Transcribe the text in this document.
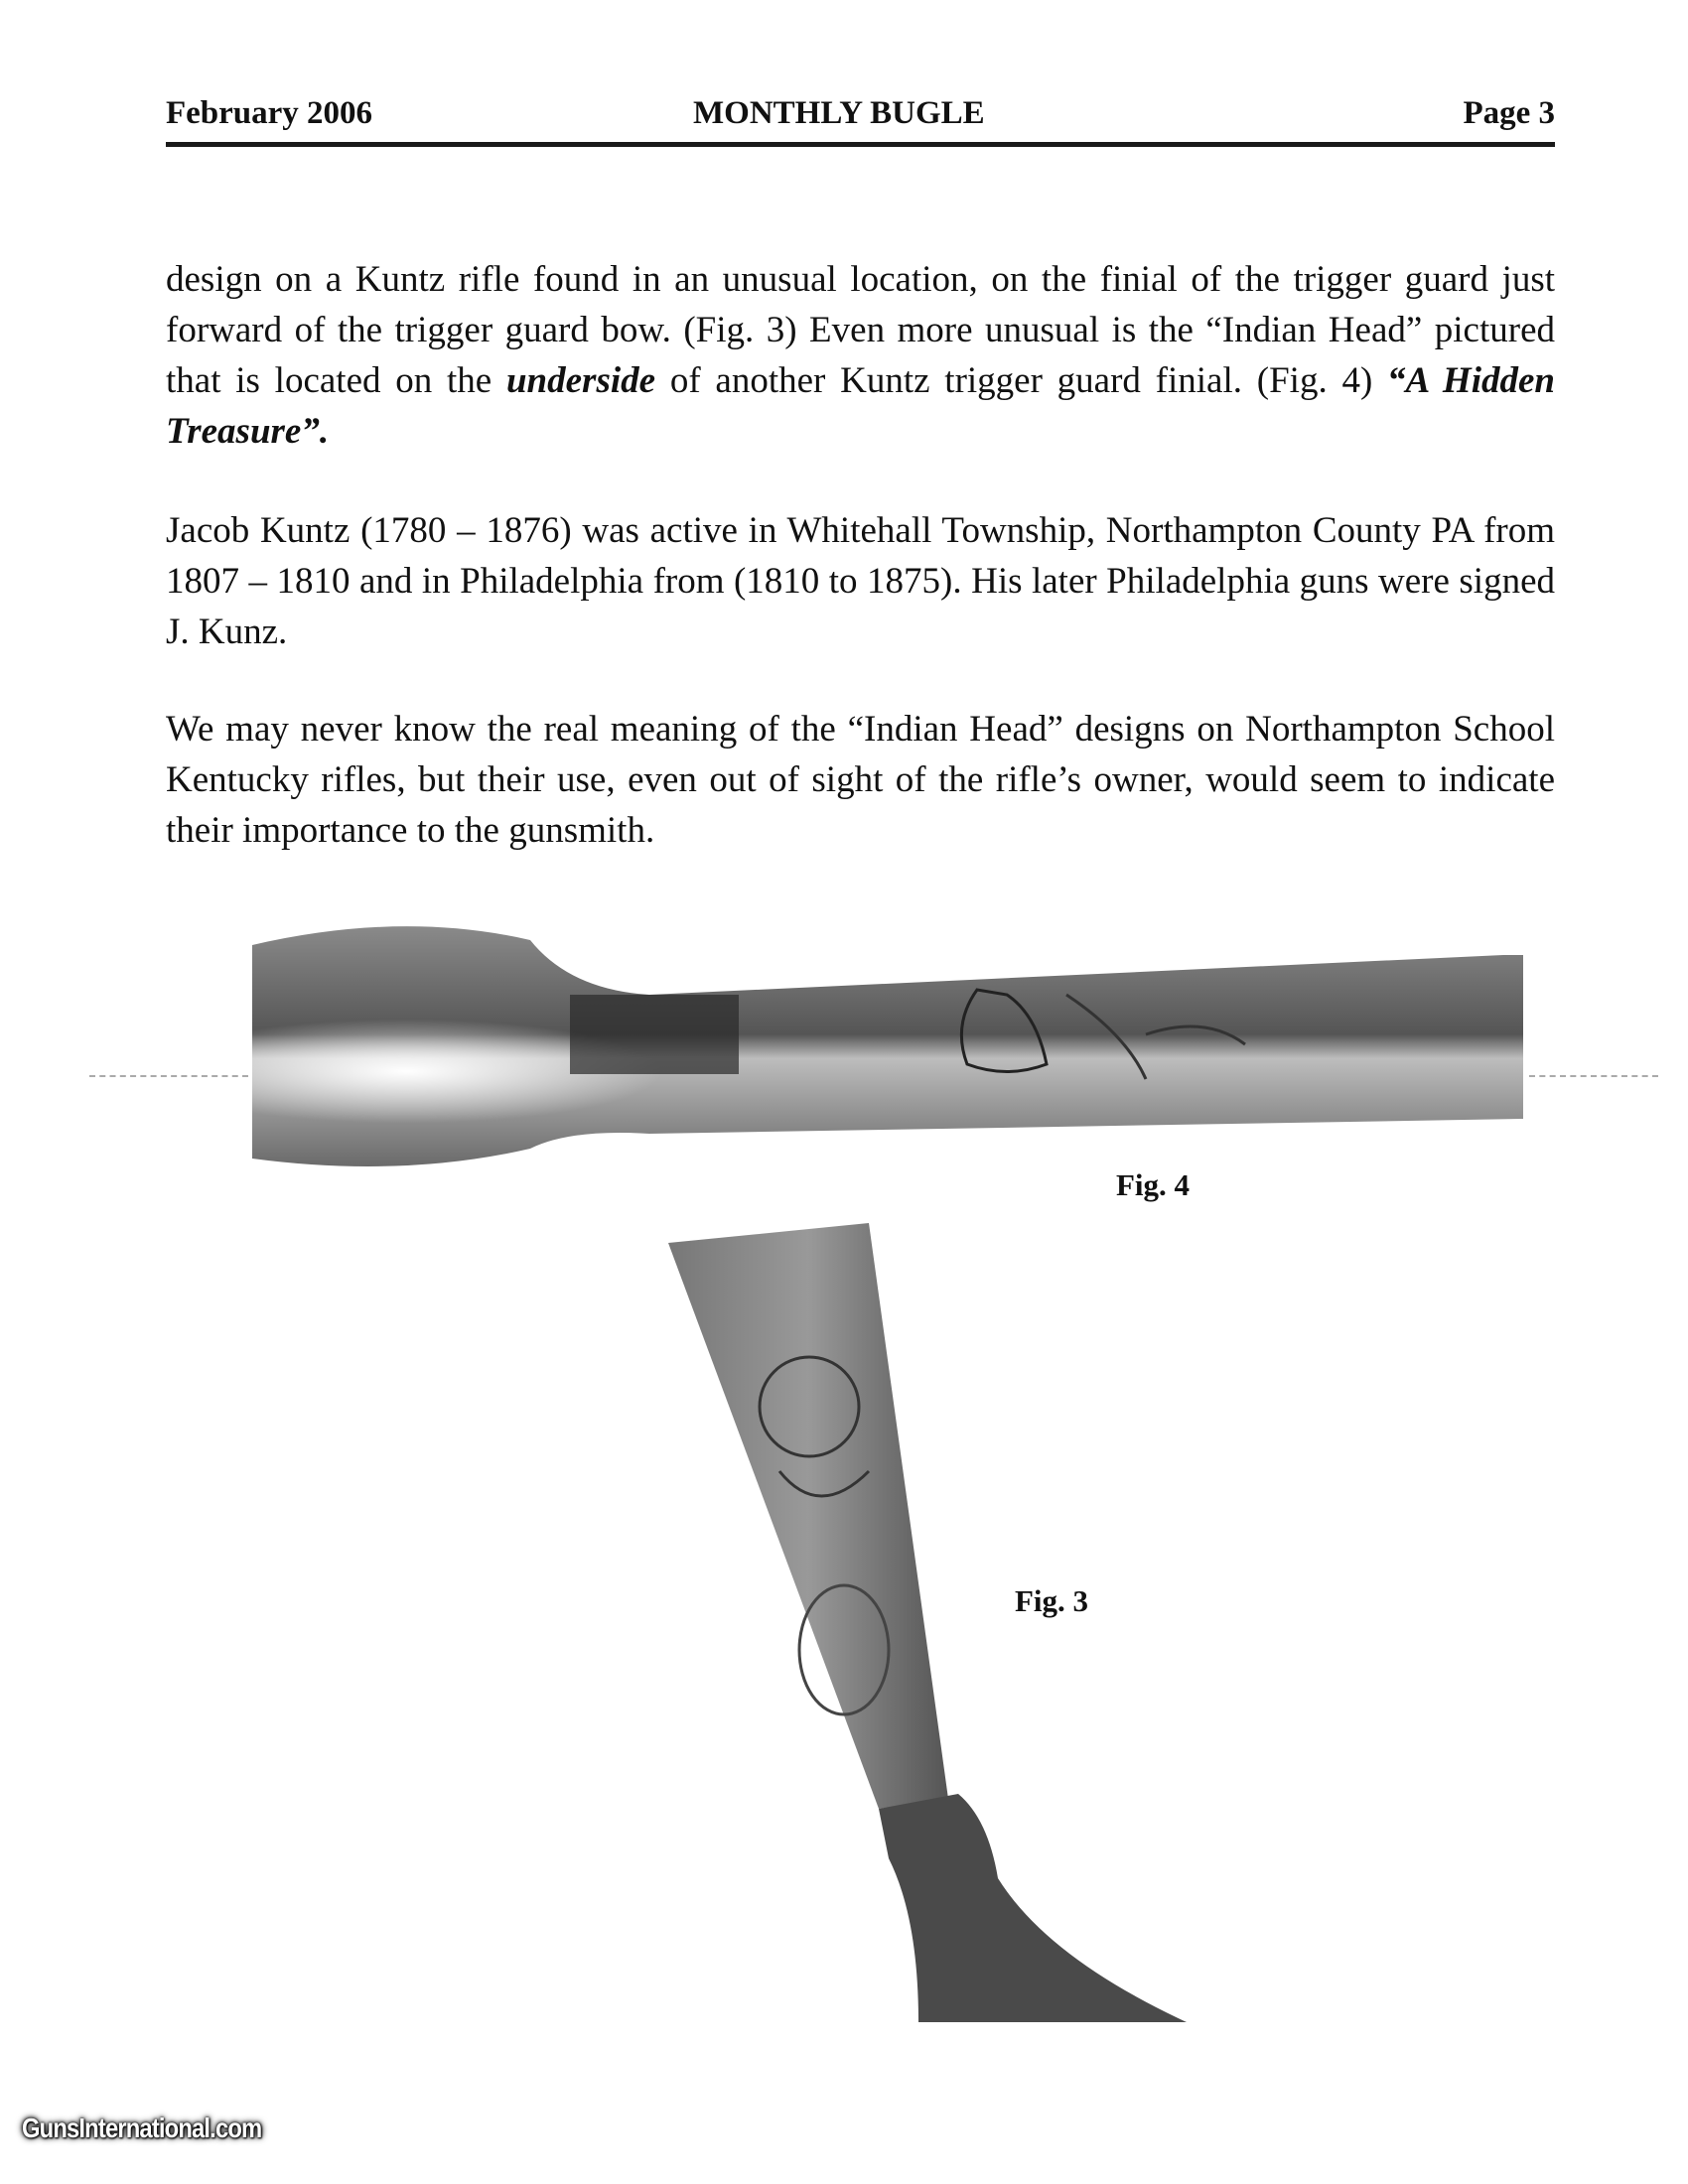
February 2006	MONTHLY BUGLE	Page 3
design on a Kuntz rifle found in an unusual location, on the finial of the trigger guard just forward of the trigger guard bow. (Fig. 3) Even more unusual is the “Indian Head” pictured that is located on the underside of another Kuntz trigger guard finial. (Fig. 4) “A Hidden Treasure”.
Jacob Kuntz (1780 – 1876) was active in Whitehall Township, Northampton County PA from 1807 – 1810 and in Philadelphia from (1810 to 1875). His later Philadelphia guns were signed J. Kunz.
We may never know the real meaning of the “Indian Head” designs on Northampton School Kentucky rifles, but their use, even out of sight of the rifle’s owner, would seem to indicate their importance to the gunsmith.
Fig. 4
Fig. 3
GunsInternational.com
